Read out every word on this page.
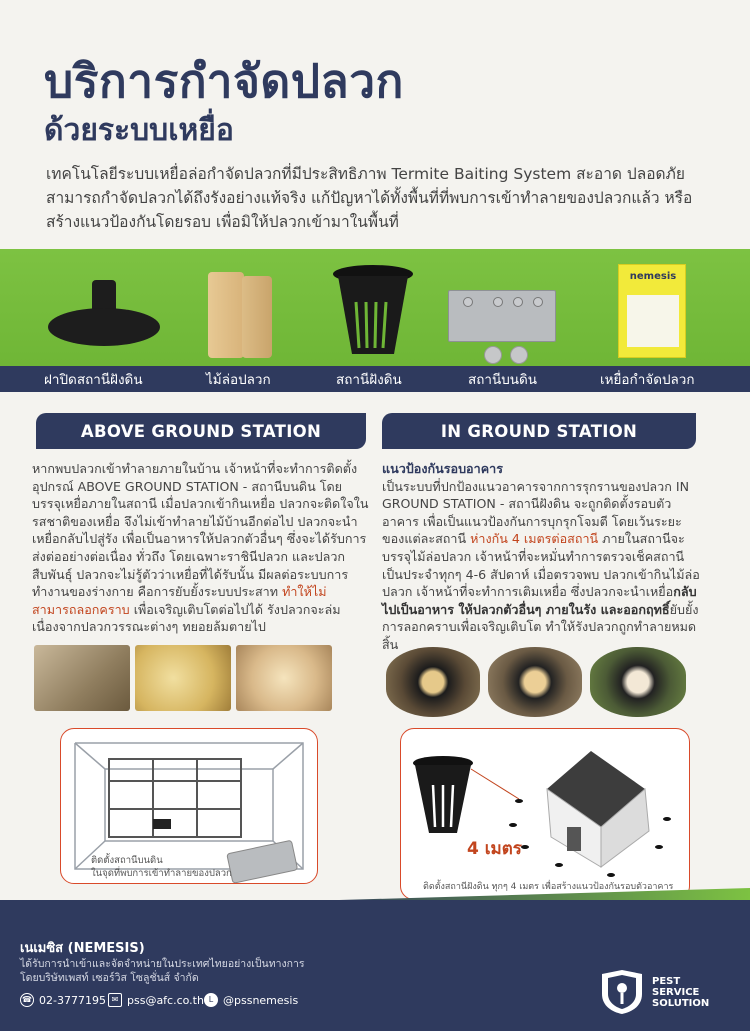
บริการกำจัดปลวก
ด้วยระบบเหยื่อ
เทคโนโลยีระบบเหยื่อล่อกำจัดปลวกที่มีประสิทธิภาพ Termite Baiting System สะอาด ปลอดภัยสามารถกำจัดปลวกได้ถึงรังอย่างแท้จริง แก้ปัญหาได้ทั้งพื้นที่ที่พบการเข้าทำลายของปลวกแล้ว หรือสร้างแนวป้องกันโดยรอบ เพื่อมิให้ปลวกเข้ามาในพื้นที่
nemesis
ฝาปิดสถานีฝังดิน	ไม้ล่อปลวก	สถานีฝังดิน	สถานีบนดิน	เหยื่อกำจัดปลวก
ABOVE GROUND STATION	IN GROUND STATION
หากพบปลวกเข้าทำลายภายในบ้าน เจ้าหน้าที่จะทำการติดตั้งอุปกรณ์ ABOVE GROUND STATION - สถานีบนดิน โดยบรรจุเหยื่อภายในสถานี เมื่อปลวกเข้ากินเหยื่อ ปลวกจะติดใจในรสชาติของเหยื่อ จึงไม่เข้าทำลายไม้บ้านอีกต่อไป ปลวกจะนำเหยื่อกลับไปสู่รัง เพื่อเป็นอาหารให้ปลวกตัวอื่นๆ ซึ่งจะได้รับการส่งต่ออย่างต่อเนื่อง ทั่วถึง โดยเฉพาะราชินีปลวก และปลวกสืบพันธุ์ ปลวกจะไม่รู้ตัวว่าเหยื่อที่ได้รับนั้น มีผลต่อระบบการทำงานของร่างกาย คือการยับยั้งระบบประสาท ทำให้ไม่สามารถลอกคราบ เพื่อเจริญเติบโตต่อไปได้ รังปลวกจะล่มเนื่องจากปลวกวรรณะต่างๆ ทยอยล้มตายไป
แนวป้องกันรอบอาคาร
เป็นระบบที่ปกป้องแนวอาคารจากการรุกรานของปลวก IN GROUND STATION - สถานีฝังดิน จะถูกติดตั้งรอบตัวอาคาร เพื่อเป็นแนวป้องกันการบุกรุกโจมตี โดยเว้นระยะของแต่ละสถานี ห่างกัน 4 เมตรต่อสถานี ภายในสถานีจะบรรจุไม้ล่อปลวก เจ้าหน้าที่จะหมั่นทำการตรวจเช็คสถานีเป็นประจำทุกๆ 4-6 สัปดาห์ เมื่อตรวจพบ ปลวกเข้ากินไม้ล่อปลวก เจ้าหน้าที่จะทำการเติมเหยื่อ ซึ่งปลวกจะนำเหยื่อกลับไปเป็นอาหาร ให้ปลวกตัวอื่นๆ ภายในรัง และออกฤทธิ์ยับยั้งการลอกคราบเพื่อเจริญเติบโต ทำให้รังปลวกถูกทำลายหมดสิ้น
ติดตั้งสถานีบนดิน
ในจุดที่พบการเข้าทำลายของปลวก
4 เมตร
ติดตั้งสถานีฝังดิน ทุกๆ 4 เมตร เพื่อสร้างแนวป้องกันรอบตัวอาคาร
เนเมซิส (NEMESIS)
ได้รับการนำเข้าและจัดจำหน่ายในประเทศไทยอย่างเป็นทางการ
โดยบริษัทเพสท์ เซอร์วิส โซลูชั่นส์ จำกัด
☎ 02-3777195 ✉ pss@afc.co.th L @pssnemesis
PEST
SERVICE
SOLUTION
